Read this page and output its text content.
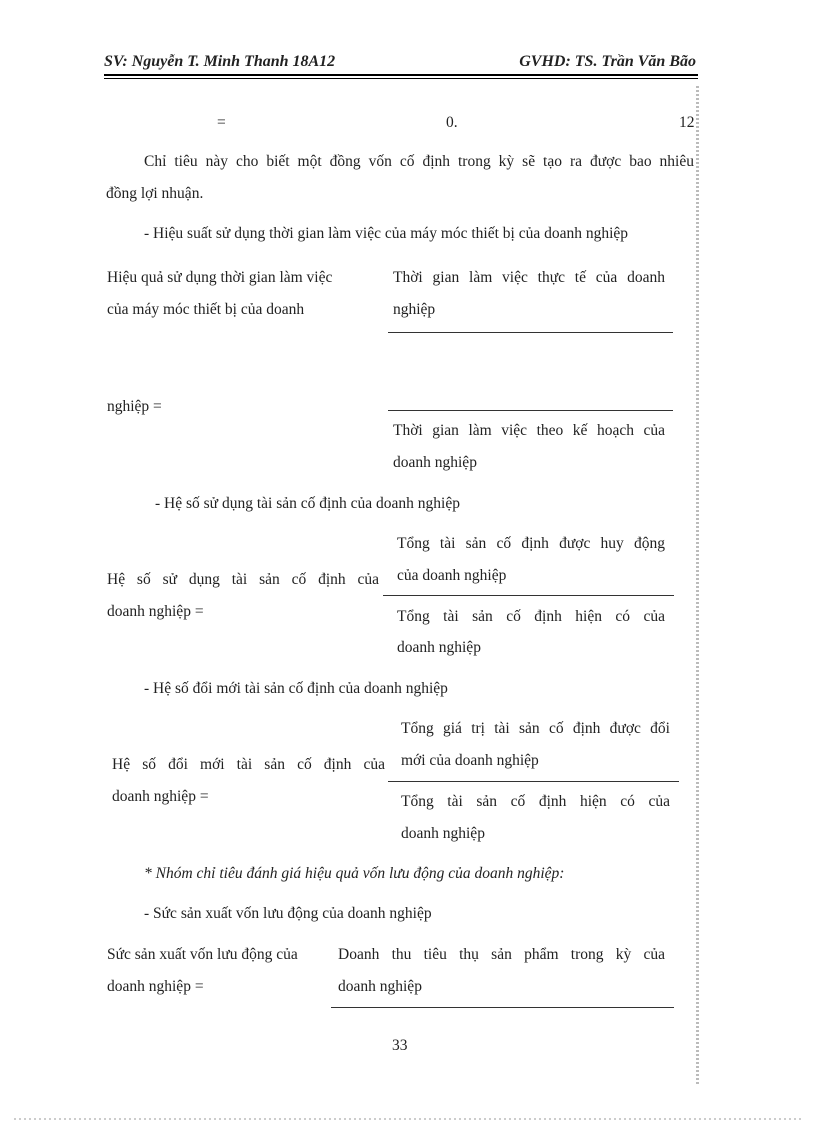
SV: Nguyễn T. Minh Thanh 18A12	GVHD: TS. Trần Văn Bão
=	0.	12
Chỉ tiêu này cho biết một đồng vốn cố định trong kỳ sẽ tạo ra được bao nhiêu
đồng lợi nhuận.
- Hiệu suất sử dụng thời gian làm việc của máy móc thiết bị của doanh nghiệp
Hiệu quả sử dụng thời gian làm việc
của máy móc thiết bị của doanh
nghiệp =
Thời gian làm việc thực tế của doanh
nghiệp
Thời gian làm việc theo kế hoạch của
doanh nghiệp
- Hệ số sử dụng tài sản cố định của doanh nghiệp
Tổng tài sản cố định được huy động
của doanh nghiệp
Hệ số sử dụng tài sản cố định của
doanh nghiệp =	Tổng tài sản cố định hiện có của
doanh nghiệp
- Hệ số đổi mới tài sản cố định của doanh nghiệp
Tổng giá trị tài sản cố định được đổi
mới của doanh nghiệp
Hệ số đổi mới tài sản cố định của
doanh nghiệp =	Tổng tài sản cố định hiện có của
doanh nghiệp
* Nhóm chỉ tiêu đánh giá hiệu quả vốn lưu động của doanh nghiệp:
- Sức sản xuất vốn lưu động của doanh nghiệp
Sức sản xuất vốn lưu động của
doanh nghiệp =
Doanh thu tiêu thụ sản phẩm trong kỳ của
doanh nghiệp
33
